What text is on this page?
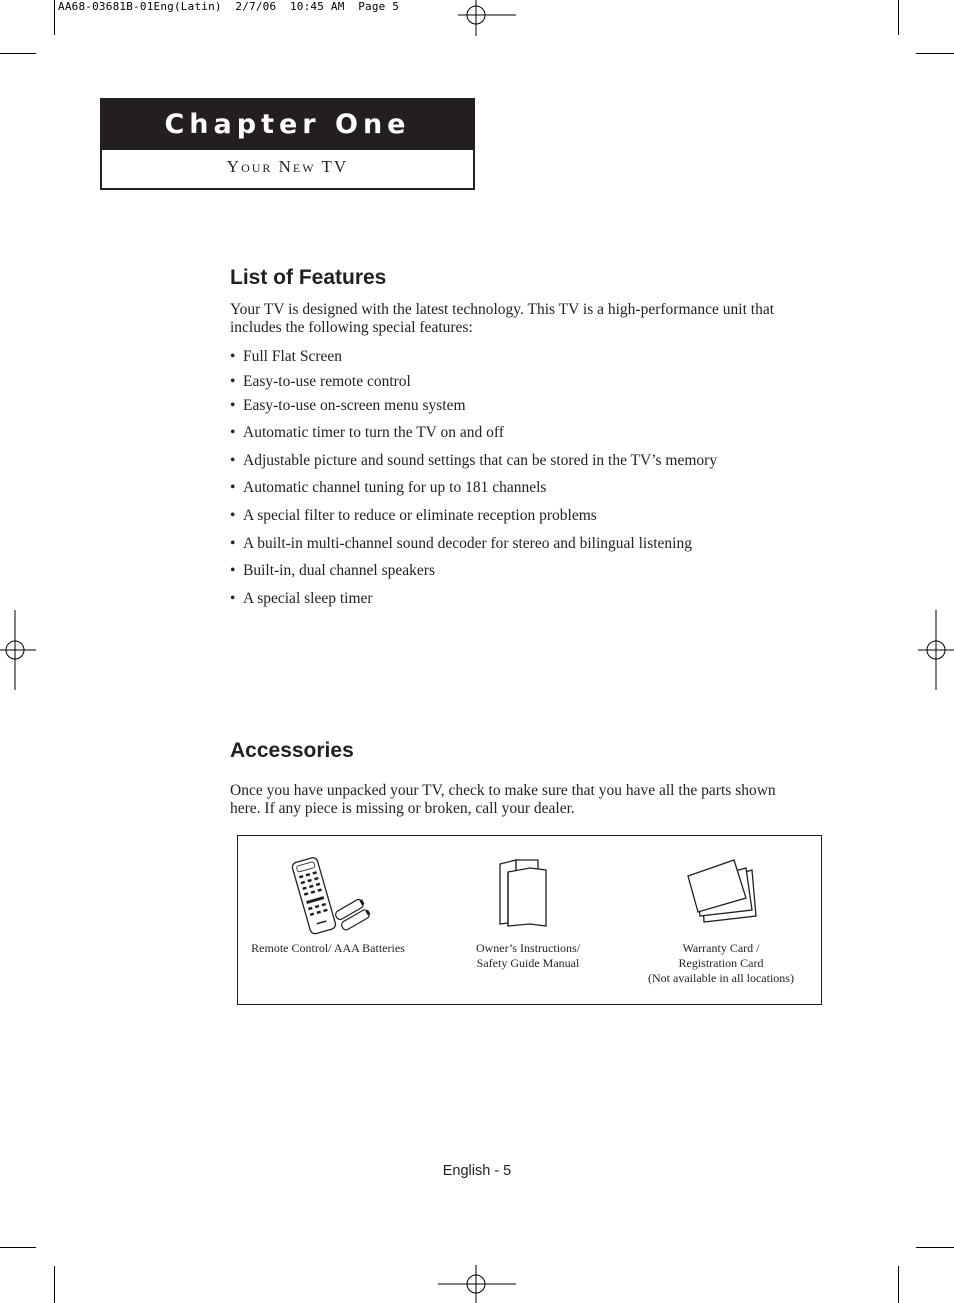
AA68-03681B-01Eng(Latin)  2/7/06  10:45 AM  Page 5
Chapter One
Your New TV
List of Features
Your TV is designed with the latest technology. This TV is a high-performance unit that
includes the following special features:
• Full Flat Screen
• Easy-to-use remote control
• Easy-to-use on-screen menu system
• Automatic timer to turn the TV on and off
• Adjustable picture and sound settings that can be stored in the TV’s memory
• Automatic channel tuning for up to 181 channels
• A special filter to reduce or eliminate reception problems
• A built-in multi-channel sound decoder for stereo and bilingual listening
• Built-in, dual channel speakers
• A special sleep timer
Accessories
Once you have unpacked your TV, check to make sure that you have all the parts shown
here. If any piece is missing or broken, call your dealer.
Remote Control/ AAA Batteries	Owner’s Instructions/
Safety Guide Manual
Warranty Card /
Registration Card
(Not available in all locations)
English - 5
